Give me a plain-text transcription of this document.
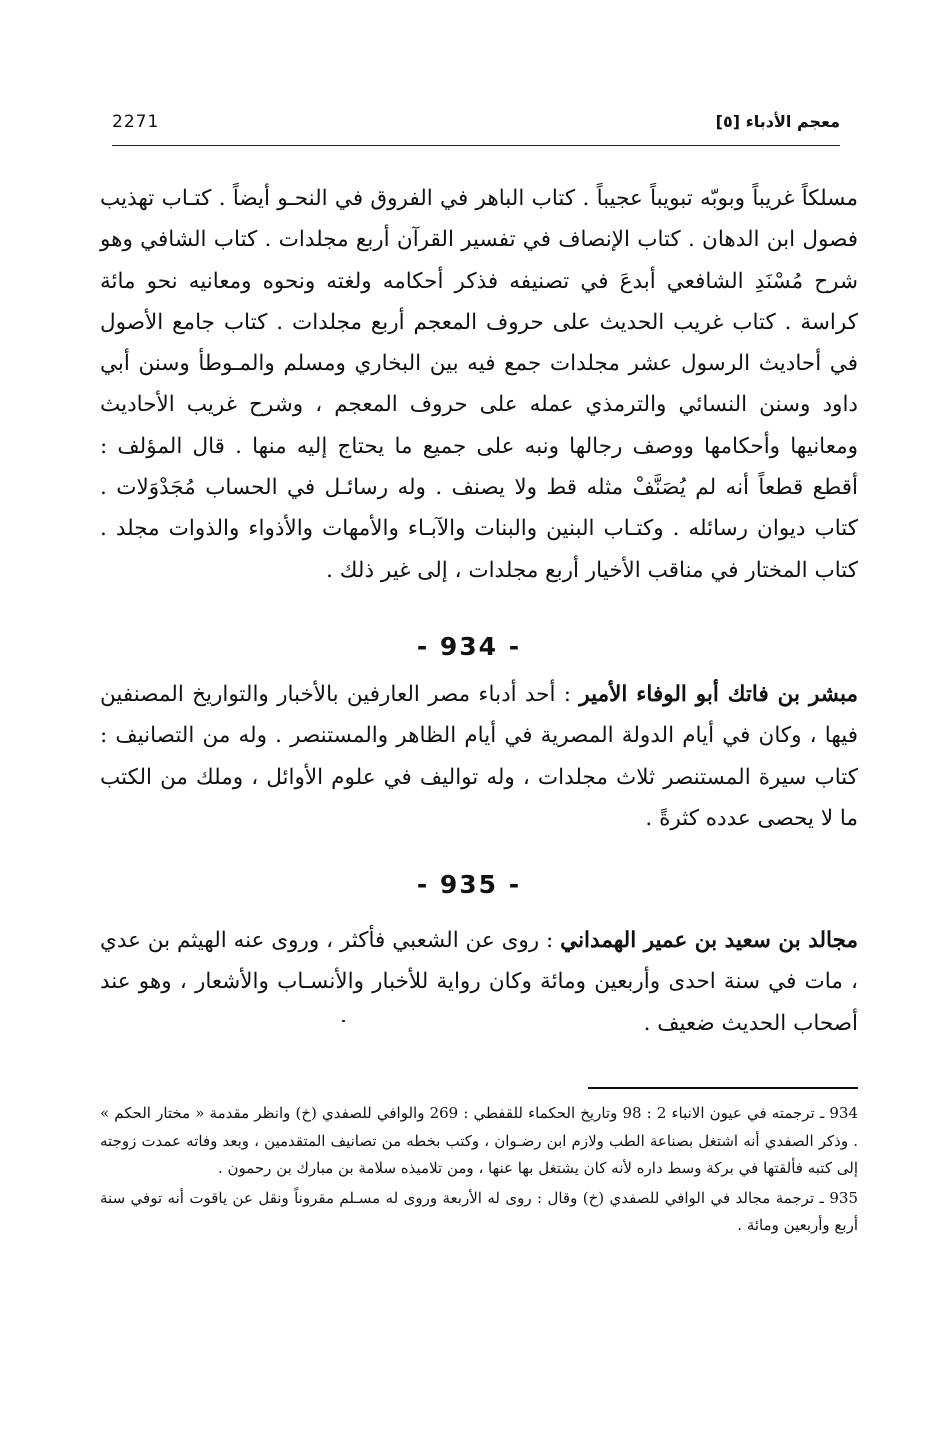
2271	معجم الأدباء [٥]

مسلكاً غريباً وبوبّه تبويباً عجيباً . كتاب الباهر في الفروق في النحـو أيضاً . كتـاب تهذيب فصول ابن الدهان . كتاب الإنصاف في تفسير القرآن أربع مجلدات . كتاب الشافي وهو شرح مُسْنَدِ الشافعي أبدعَ في تصنيفه فذكر أحكامه ولغته ونحوه ومعانيه نحو مائة كراسة . كتاب غريب الحديث على حروف المعجم أربع مجلدات . كتاب جامع الأصول في أحاديث الرسول عشر مجلدات جمع فيه بين البخاري ومسلم والمـوطأ وسنن أبي داود وسنن النسائي والترمذي عمله على حروف المعجم ، وشرح غريب الأحاديث ومعانيها وأحكامها ووصف رجالها ونبه على جميع ما يحتاج إليه منها . قال المؤلف : أقطع قطعاً أنه لم يُصَنَّفْ مثله قط ولا يصنف . وله رسائـل في الحساب مُجَدْوَلات . كتاب ديوان رسائله . وكتـاب البنين والبنات والآبـاء والأمهات والأذواء والذوات مجلد . كتاب المختار في مناقب الأخيار أربع مجلدات ، إلى غير ذلك .

- 934 -

مبشر بن فاتك أبو الوفاء الأمير : أحد أدباء مصر العارفين بالأخبار والتواريخ المصنفين فيها ، وكان في أيام الدولة المصرية في أيام الظاهر والمستنصر . وله من التصانيف : كتاب سيرة المستنصر ثلاث مجلدات ، وله تواليف في علوم الأوائل ، وملك من الكتب ما لا يحصى عدده كثرةً .

- 935 -

مجالد بن سعيد بن عمير الهمداني : روى عن الشعبي فأكثر ، وروى عنه الهيثم بن عدي ، مات في سنة احدى وأربعين ومائة وكان رواية للأخبار والأنسـاب والأشعار ، وهو عند أصحاب الحديث ضعيف .

934 ـ ترجمته في عيون الانباء 2 : 98 وتاريخ الحكماء للقفطي : 269 والوافي للصفدي (خ) وانظر مقدمة « مختار الحكم » . وذكر الصفدي أنه اشتغل بصناعة الطب ولازم ابن رضـوان ، وكتب بخطه من تصانيف المتقدمين ، وبعد وفاته عمدت زوجته إلى كتبه فألقتها في بركة وسط داره لأنه كان يشتغل بها عنها ، ومن تلاميذه سلامة بن مبارك بن رحمون .

935 ـ ترجمة مجالد في الوافي للصفدي (خ) وقال : روى له الأربعة وروى له مسـلم مقروناً ونقل عن ياقوت أنه توفي سنة أربع وأربعين ومائة .
